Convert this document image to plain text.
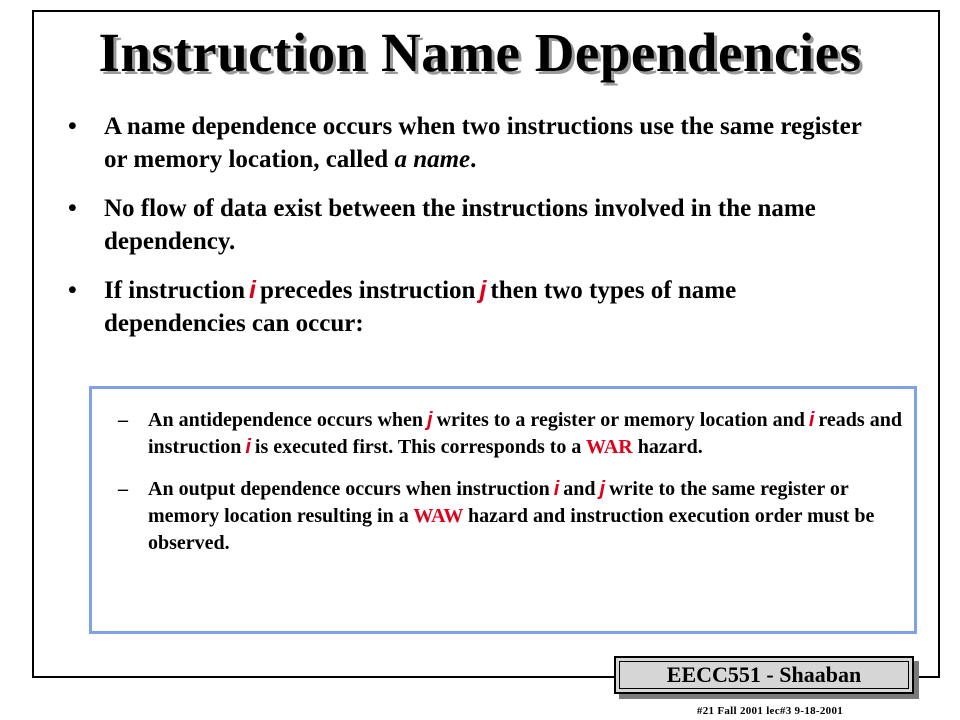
Instruction Name Dependencies
• A name dependence occurs when two instructions use the same register or memory location, called a name.
• No flow of data exist between the instructions involved in the name dependency.
• If instruction i precedes instruction j then two types of name dependencies can occur:
– An antidependence occurs when j writes to a register or memory location and i reads and instruction i is executed first. This corresponds to a WAR hazard.
– An output dependence occurs when instruction i and j write to the same register or memory location resulting in a WAW hazard and instruction execution order must be observed.
EECC551 - Shaaban
#21 Fall 2001 lec#3 9-18-2001
